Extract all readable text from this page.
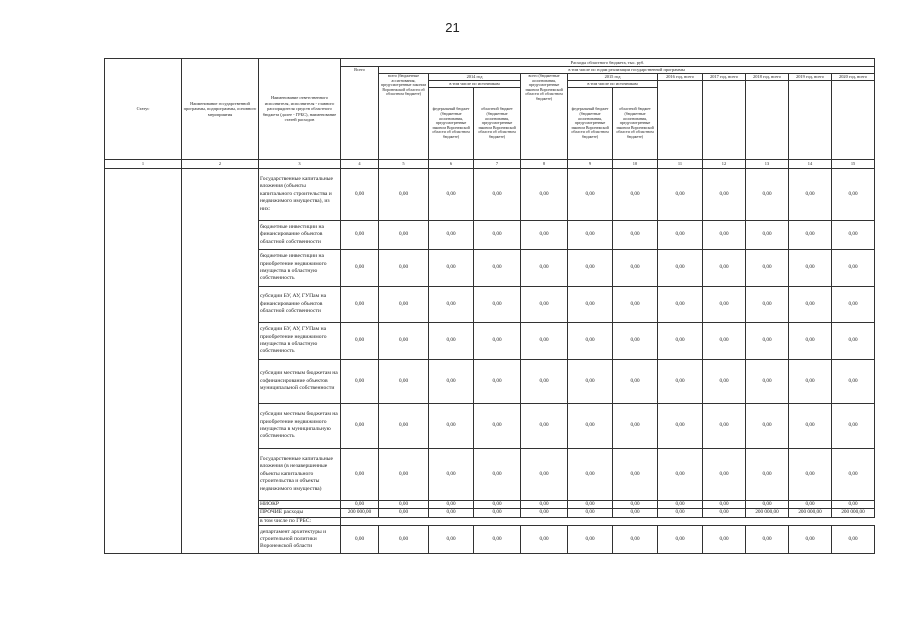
21
Статус	Наименование государственной программы, подпрограммы, основного мероприятия	Наименование ответственного исполнителя, исполнителя - главного распорядителя средств областного бюджета (далее - ГРБС), наименование статей расходов	Расходы областного бюджета, тыс. руб.											
			Всего	в том числе по годам реализации государственной программы										
				всего (бюджетные ассигнования, предусмотренные законом Воронежской области об областном бюджете)	2014 год		всего (бюджетные ассигнования, предусмотренные законом Воронежской области об областном бюджете)	2015 год		2016 год, всего	2017 год, всего	2018 год, всего	2019 год, всего	2020 год, всего
					в том числе по источникам			в том числе по источникам						
					федеральный бюджет (бюджетные ассигнования, предусмотренные законом Воронежской области об областном бюджете)	областной бюджет (бюджетные ассигнования, предусмотренные законом Воронежской области об областном бюджете)		федеральный бюджет (бюджетные ассигнования, предусмотренные законом Воронежской области об областном бюджете)	областной бюджет (бюджетные ассигнования, предусмотренные законом Воронежской области об областном бюджете)					
1	2	3	4	5	6	7	8	9	10	11	12	13	14	15
		Государственные капитальные вложения (объекты капитального строительства и недвижимого имущества), из них:	0,00	0,00	0,00	0,00	0,00	0,00	0,00	0,00	0,00	0,00	0,00	0,00
		бюджетные инвестиции на финансирование объектов областной собственности	0,00	0,00	0,00	0,00	0,00	0,00	0,00	0,00	0,00	0,00	0,00	0,00
		бюджетные инвестиции на приобретение недвижимого имущества в областную собственность	0,00	0,00	0,00	0,00	0,00	0,00	0,00	0,00	0,00	0,00	0,00	0,00
		субсидии БУ, АУ, ГУПам на финансирование объектов областной собственности	0,00	0,00	0,00	0,00	0,00	0,00	0,00	0,00	0,00	0,00	0,00	0,00
		субсидии БУ, АУ, ГУПам на приобретение недвижимого имущества в областную собственность	0,00	0,00	0,00	0,00	0,00	0,00	0,00	0,00	0,00	0,00	0,00	0,00
		субсидии местным бюджетам на софинансирование объектов муниципальной собственности	0,00	0,00	0,00	0,00	0,00	0,00	0,00	0,00	0,00	0,00	0,00	0,00
		субсидии местным бюджетам на приобретение недвижимого имущества в муниципальную собственность	0,00	0,00	0,00	0,00	0,00	0,00	0,00	0,00	0,00	0,00	0,00	0,00
		Государственные капитальные вложения (в незавершенные объекты капитального строительства и объекты недвижимого имущества)	0,00	0,00	0,00	0,00	0,00	0,00	0,00	0,00	0,00	0,00	0,00	0,00
		НИОКР	0,00	0,00	0,00	0,00	0,00	0,00	0,00	0,00	0,00	0,00	0,00	0,00
		ПРОЧИЕ расходы	200 000,00	0,00	0,00	0,00	0,00	0,00	0,00	0,00	0,00	200 000,00	200 000,00	200 000,00
		в том числе по ГРБС:												
		департамент архитектуры и строительной политики Воронежской области	0,00	0,00	0,00	0,00	0,00	0,00	0,00	0,00	0,00	0,00	0,00	0,00
